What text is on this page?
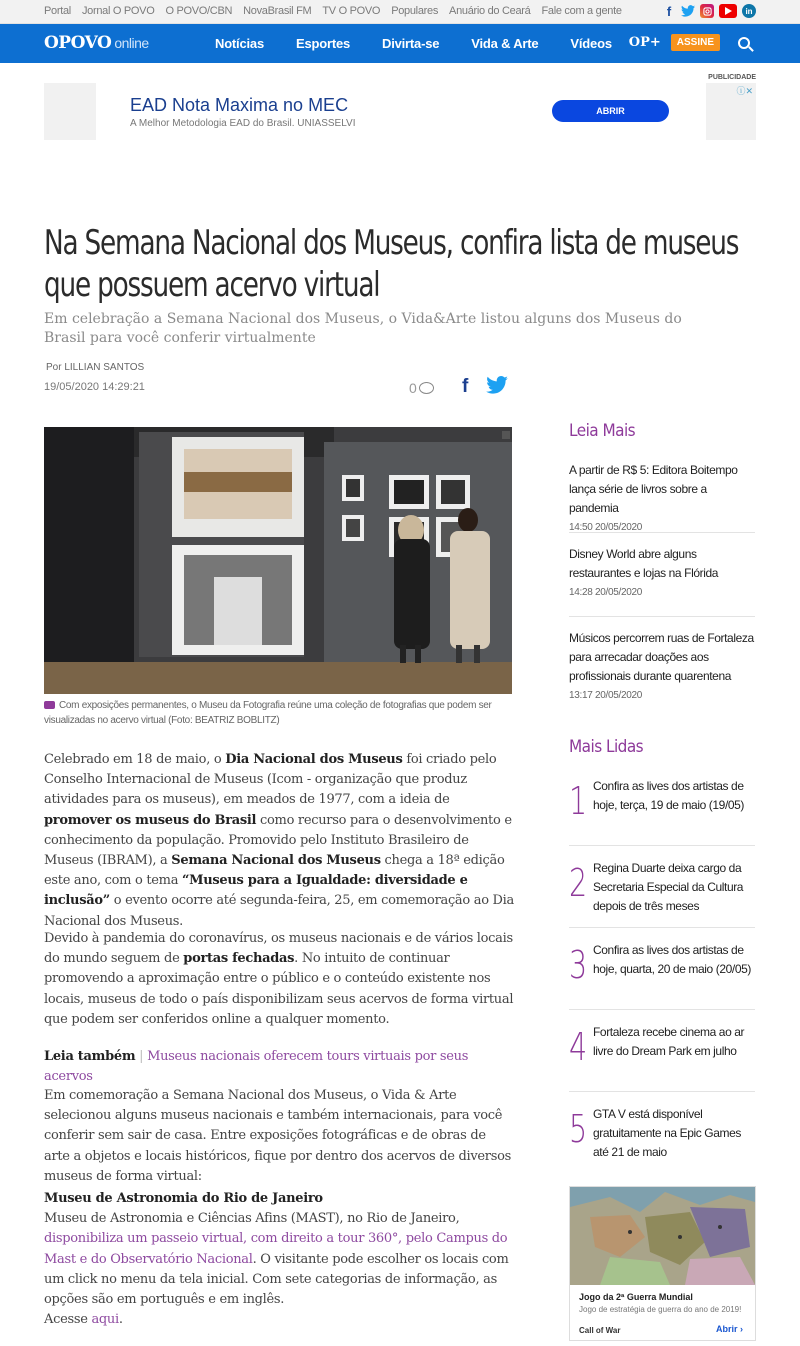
Portal Jornal O POVO O POVO/CBN NovaBrasil FM TV O POVO Populares Anuário do Ceará Fale com a gente	f	in
OPOVO online	Notícias Esportes Divirta-se Vida & Arte Vídeos OP+	ASSINE
PUBLICIDADE
EAD Nota Maxima no MEC
A Melhor Metodologia EAD do Brasil. UNIASSELVI
ABRIR
ⓘ✕
Na Semana Nacional dos Museus, confira lista de museus que possuem acervo virtual

Em celebração a Semana Nacional dos Museus, o Vida&Arte listou alguns dos Museus do Brasil para você conferir virtualmente

Por LILLIAN SANTOS
19/05/2020 14:29:21	0 f
Com exposições permanentes, o Museu da Fotografia reúne uma coleção de fotografias que podem ser visualizadas no acervo virtual (Foto: BEATRIZ BOBLITZ)
Celebrado em 18 de maio, o Dia Nacional dos Museus foi criado pelo Conselho Internacional de Museus (Icom - organização que produz atividades para os museus), em meados de 1977, com a ideia de promover os museus do Brasil como recurso para o desenvolvimento e conhecimento da população. Promovido pelo Instituto Brasileiro de Museus (IBRAM), a Semana Nacional dos Museus chega a 18ª edição este ano, com o tema “Museus para a Igualdade: diversidade e inclusão” o evento ocorre até segunda-feira, 25, em comemoração ao Dia Nacional dos Museus.
Devido à pandemia do coronavírus, os museus nacionais e de vários locais do mundo seguem de portas fechadas. No intuito de continuar promovendo a aproximação entre o público e o conteúdo existente nos locais, museus de todo o país disponibilizam seus acervos de forma virtual que podem ser conferidos online a qualquer momento.
Leia também | Museus nacionais oferecem tours virtuais por seus acervos
Em comemoração a Semana Nacional dos Museus, o Vida & Arte selecionou alguns museus nacionais e também internacionais, para você conferir sem sair de casa. Entre exposições fotográficas e de obras de arte a objetos e locais históricos, fique por dentro dos acervos de diversos museus de forma virtual:
Museu de Astronomia do Rio de Janeiro
Museu de Astronomia e Ciências Afins (MAST), no Rio de Janeiro, disponibiliza um passeio virtual, com direito a tour 360°, pelo Campus do Mast e do Observatório Nacional. O visitante pode escolher os locais com um click no menu da tela inicial. Com sete categorias de informação, as opções são em português e em inglês.
Acesse aqui.
Leia Mais
A partir de R$ 5: Editora Boitempo lança série de livros sobre a pandemia
14:50 20/05/2020
Disney World abre alguns restaurantes e lojas na Flórida
14:28 20/05/2020
Músicos percorrem ruas de Fortaleza para arrecadar doações aos profissionais durante quarentena
13:17 20/05/2020
Mais Lidas
1 Confira as lives dos artistas de hoje, terça, 19 de maio (19/05)
2 Regina Duarte deixa cargo da Secretaria Especial da Cultura depois de três meses
3 Confira as lives dos artistas de hoje, quarta, 20 de maio (20/05)
4 Fortaleza recebe cinema ao ar livre do Dream Park em julho
5 GTA V está disponível gratuitamente na Epic Games até 21 de maio
Jogo da 2ª Guerra Mundial
Jogo de estratégia de guerra do ano de 2019!
Call of War	Abrir ›
